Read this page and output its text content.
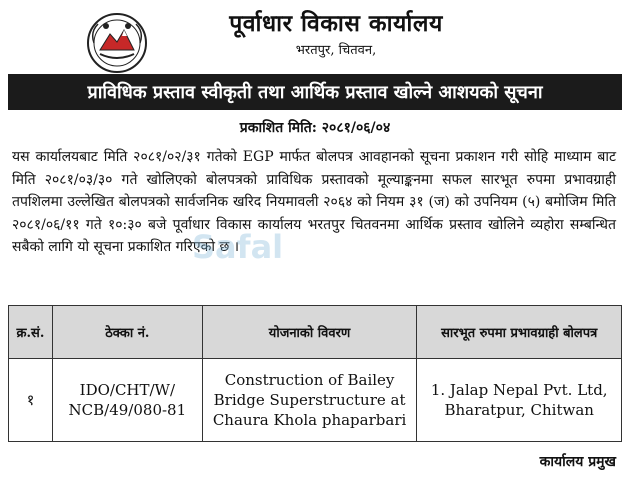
पूर्वाधार विकास कार्यालय
भरतपुर, चितवन,
प्राविधिक प्रस्ताव स्वीकृती तथा आर्थिक प्रस्ताव खोल्ने आशयको सूचना
प्रकाशित मिति: २०८१/०६/०४

यस कार्यालयबाट मिति २०८१/०२/३१ गतेको EGP मार्फत बोलपत्र आवहानको सूचना प्रकाशन गरी सोहि माध्याम बाट मिति २०८१/०३/३० गते खोलिएको बोलपत्रको प्राविधिक प्रस्तावको मूल्याङ्कनमा सफल सारभूत रुपमा प्रभावग्राही तपशिलमा उल्लेखित बोलपत्रको सार्वजनिक खरिद नियमावली २०६४ को नियम ३१ (ज) को उपनियम (५) बमोजिम मिति २०८१/०६/११ गते १०:३० बजे पूर्वाधार विकास कार्यालय भरतपुर चितवनमा आर्थिक प्रस्ताव खोलिने व्यहोरा सम्बन्धित सबैको लागि यो सूचना प्रकाशित गरिएको छ ।

Safal
क्र.सं.	ठेक्का नं.	योजनाको विवरण	सारभूत रुपमा प्रभावग्राही बोलपत्र
१	IDO/CHT/W/ NCB/49/080-81	Construction of Bailey Bridge Superstructure at Chaura Khola phaparbari	1. Jalap Nepal Pvt. Ltd, Bharatpur, Chitwan
कार्यालय प्रमुख
